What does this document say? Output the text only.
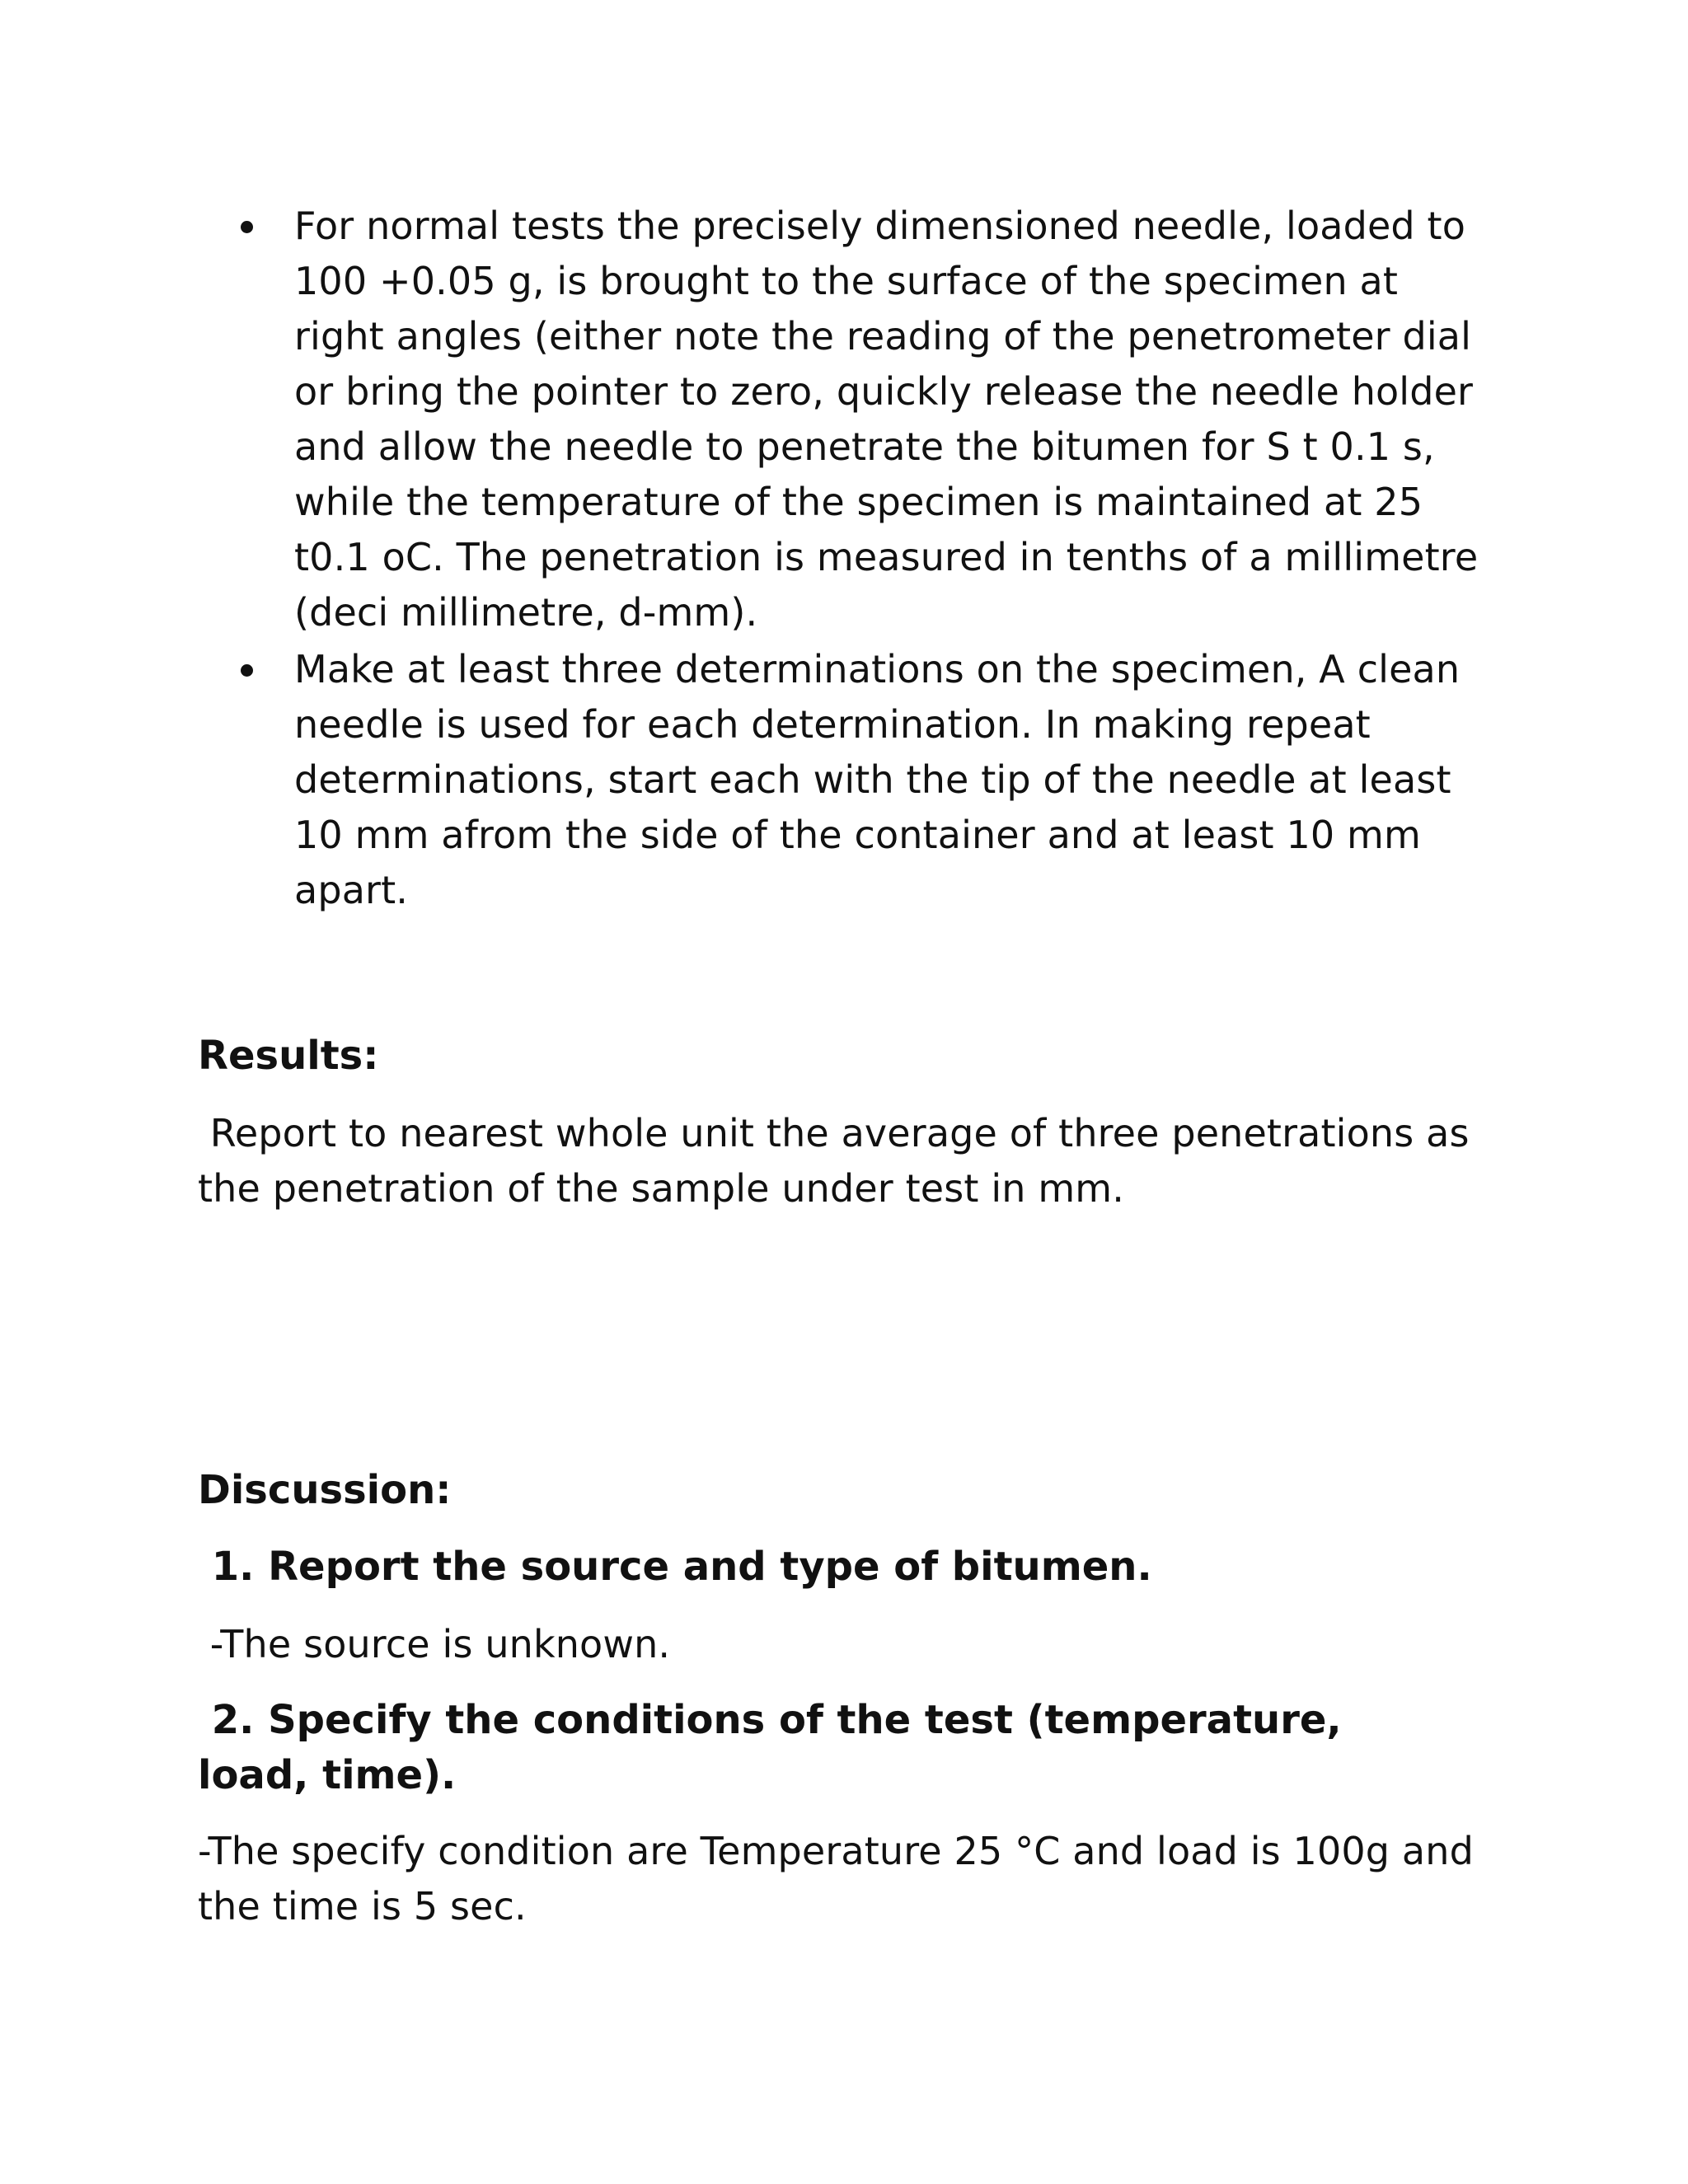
For normal tests the precisely dimensioned needle, loaded to 100 +0.05 g, is brought to the surface of the specimen at right angles (either note the reading of the penetrometer dial or bring the pointer to zero, quickly release the needle holder and allow the needle to penetrate the bitumen for S t 0.1 s, while the temperature of the specimen is maintained at 25 t0.1 oC. The penetration is measured in tenths of a millimetre (deci millimetre, d-mm).
Make at least three determinations on the specimen, A clean needle is used for each determination. In making repeat determinations, start each with the tip of the needle at least 10 mm afrom the side of the container and at least 10 mm apart.
Results:

Report to nearest whole unit the average of three penetrations as the penetration of the sample under test in mm.

Discussion:

1. Report the source and type of bitumen.

-The source is unknown.

2. Specify the conditions of the test (temperature, load, time).

-The specify condition are Temperature 25 °C and load is 100g and the time is 5 sec.
